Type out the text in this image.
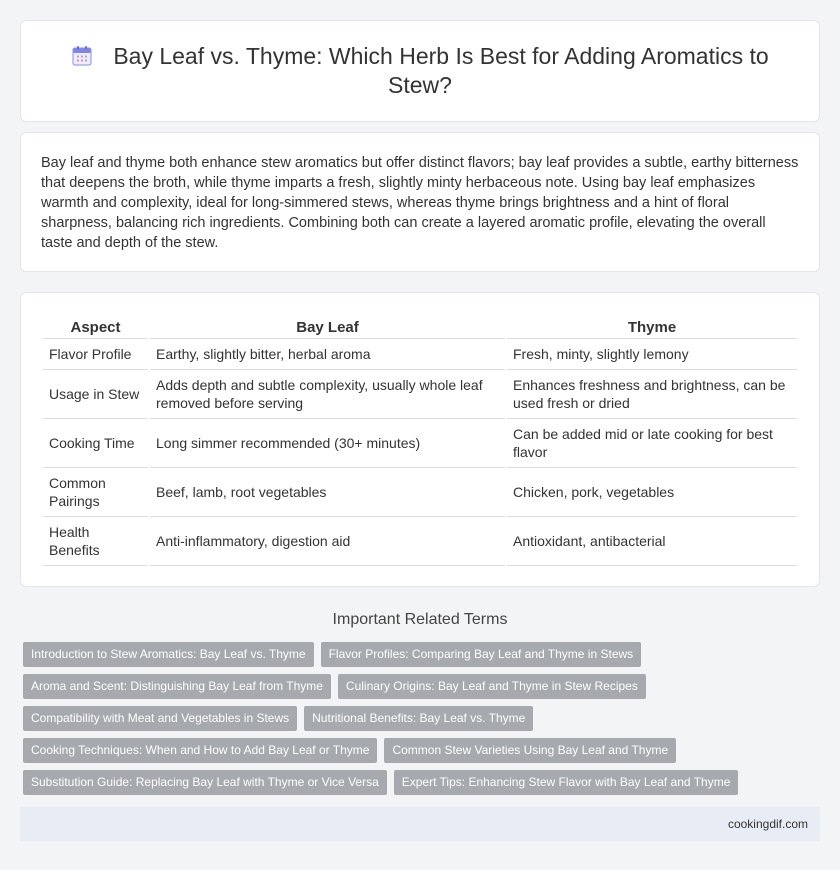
Bay Leaf vs. Thyme: Which Herb Is Best for Adding Aromatics to Stew?

Bay leaf and thyme both enhance stew aromatics but offer distinct flavors; bay leaf provides a subtle, earthy bitterness that deepens the broth, while thyme imparts a fresh, slightly minty herbaceous note. Using bay leaf emphasizes warmth and complexity, ideal for long-simmered stews, whereas thyme brings brightness and a hint of floral sharpness, balancing rich ingredients. Combining both can create a layered aromatic profile, elevating the overall taste and depth of the stew.

Aspect	Bay Leaf	Thyme
Flavor Profile	Earthy, slightly bitter, herbal aroma	Fresh, minty, slightly lemony
Usage in Stew	Adds depth and subtle complexity, usually whole leaf removed before serving	Enhances freshness and brightness, can be used fresh or dried
Cooking Time	Long simmer recommended (30+ minutes)	Can be added mid or late cooking for best flavor
Common Pairings	Beef, lamb, root vegetables	Chicken, pork, vegetables
Health Benefits	Anti-inflammatory, digestion aid	Antioxidant, antibacterial
Important Related Terms
Introduction to Stew Aromatics: Bay Leaf vs. Thyme	Flavor Profiles: Comparing Bay Leaf and Thyme in Stews
Aroma and Scent: Distinguishing Bay Leaf from Thyme	Culinary Origins: Bay Leaf and Thyme in Stew Recipes
Compatibility with Meat and Vegetables in Stews	Nutritional Benefits: Bay Leaf vs. Thyme
Cooking Techniques: When and How to Add Bay Leaf or Thyme	Common Stew Varieties Using Bay Leaf and Thyme
Substitution Guide: Replacing Bay Leaf with Thyme or Vice Versa	Expert Tips: Enhancing Stew Flavor with Bay Leaf and Thyme
cookingdif.com
